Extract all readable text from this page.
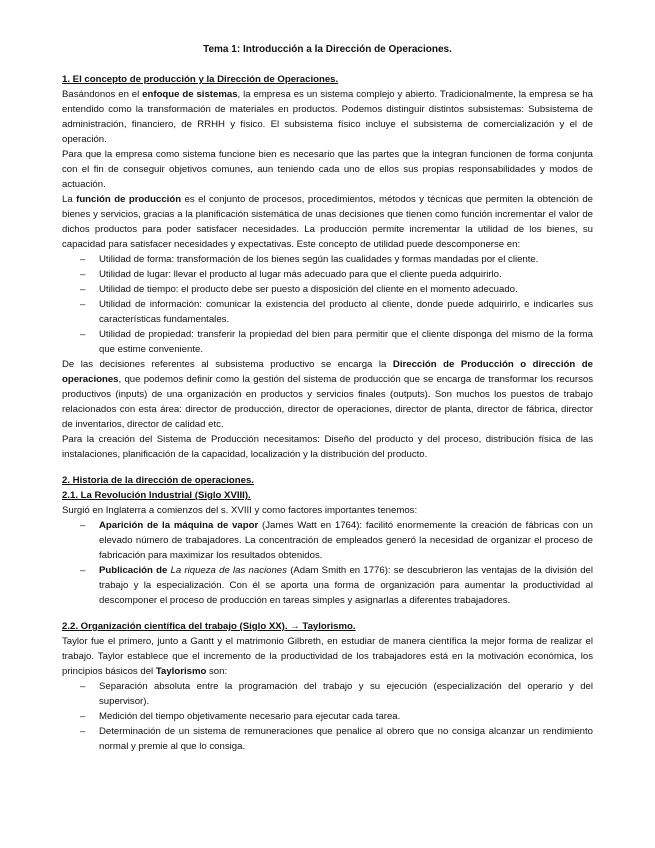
Tema 1: Introducción a la Dirección de Operaciones.
1. El concepto de producción y la Dirección de Operaciones.

Basándonos en el enfoque de sistemas, la empresa es un sistema complejo y abierto. Tradicionalmente, la empresa se ha entendido como la transformación de materiales en productos. Podemos distinguir distintos subsistemas: Subsistema de administración, financiero, de RRHH y físico. El subsistema físico incluye el subsistema de comercialización y el de operación.

Para que la empresa como sistema funcione bien es necesario que las partes que la integran funcionen de forma conjunta con el fin de conseguir objetivos comunes, aun teniendo cada uno de ellos sus propias responsabilidades y modos de actuación.

La función de producción es el conjunto de procesos, procedimientos, métodos y técnicas que permiten la obtención de bienes y servicios, gracias a la planificación sistemática de unas decisiones que tienen como función incrementar el valor de dichos productos para poder satisfacer necesidades. La producción permite incrementar la utilidad de los bienes, su capacidad para satisfacer necesidades y expectativas. Este concepto de utilidad puede descomponerse en:

– Utilidad de forma: transformación de los bienes según las cualidades y formas mandadas por el cliente.
– Utilidad de lugar: llevar el producto al lugar más adecuado para que el cliente pueda adquirirlo.
– Utilidad de tiempo: el producto debe ser puesto a disposición del cliente en el momento adecuado.
– Utilidad de información: comunicar la existencia del producto al cliente, donde puede adquirirlo, e indicarles sus características fundamentales.
– Utilidad de propiedad: transferir la propiedad del bien para permitir que el cliente disponga del mismo de la forma que estime conveniente.

De las decisiones referentes al subsistema productivo se encarga la Dirección de Producción o dirección de operaciones, que podemos definir como la gestión del sistema de producción que se encarga de transformar los recursos productivos (inputs) de una organización en productos y servicios finales (outputs). Son muchos los puestos de trabajo relacionados con esta área: director de producción, director de operaciones, director de planta, director de fábrica, director de inventarios, director de calidad etc.

Para la creación del Sistema de Producción necesitamos: Diseño del producto y del proceso, distribución física de las instalaciones, planificación de la capacidad, localización y la distribución del producto.

2. Historia de la dirección de operaciones.
2.1. La Revolución Industrial (Siglo XVIII).

Surgió en Inglaterra a comienzos del s. XVIII y como factores importantes tenemos:

– Aparición de la máquina de vapor (James Watt en 1764): facilitó enormemente la creación de fábricas con un elevado número de trabajadores. La concentración de empleados generó la necesidad de organizar el proceso de fabricación para maximizar los resultados obtenidos.
– Publicación de La riqueza de las naciones (Adam Smith en 1776): se descubrieron las ventajas de la división del trabajo y la especialización. Con él se aporta una forma de organización para aumentar la productividad al descomponer el proceso de producción en tareas simples y asignarlas a diferentes trabajadores.
2.2. Organización científica del trabajo (Siglo XX). → Taylorismo.

Taylor fue el primero, junto a Gantt y el matrimonio Gilbreth, en estudiar de manera científica la mejor forma de realizar el trabajo. Taylor establece que el incremento de la productividad de los trabajadores está en la motivación económica, los principios básicos del Taylorismo son:

– Separación absoluta entre la programación del trabajo y su ejecución (especialización del operario y del supervisor).
– Medición del tiempo objetivamente necesario para ejecutar cada tarea.
– Determinación de un sistema de remuneraciones que penalice al obrero que no consiga alcanzar un rendimiento normal y premie al que lo consiga.
